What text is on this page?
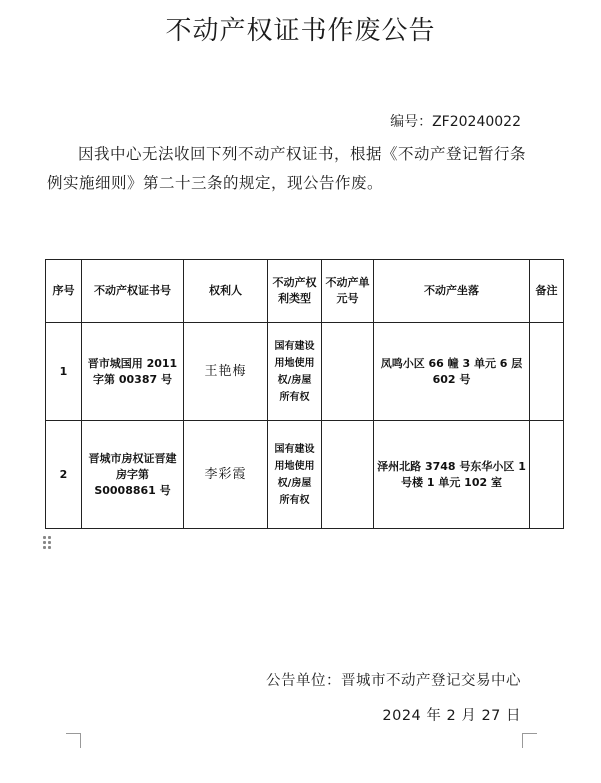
不动产权证书作废公告
编号：ZF20240022
因我中心无法收回下列不动产权证书，根据《不动产登记暂行条例实施细则》第二十三条的规定，现公告作废。
序号	不动产权证书号	权利人	不动产权利类型	不动产单元号	不动产坐落	备注
1	晋市城国用 2011 字第 00387 号	王艳梅	国有建设用地使用权/房屋所有权		凤鸣小区 66 幢 3 单元 6 层 602 号	
2	晋城市房权证晋建房字第 S0008861 号	李彩霞	国有建设用地使用权/房屋所有权		泽州北路 3748 号东华小区 1 号楼 1 单元 102 室	
公告单位：晋城市不动产登记交易中心
2024 年 2 月 27 日
